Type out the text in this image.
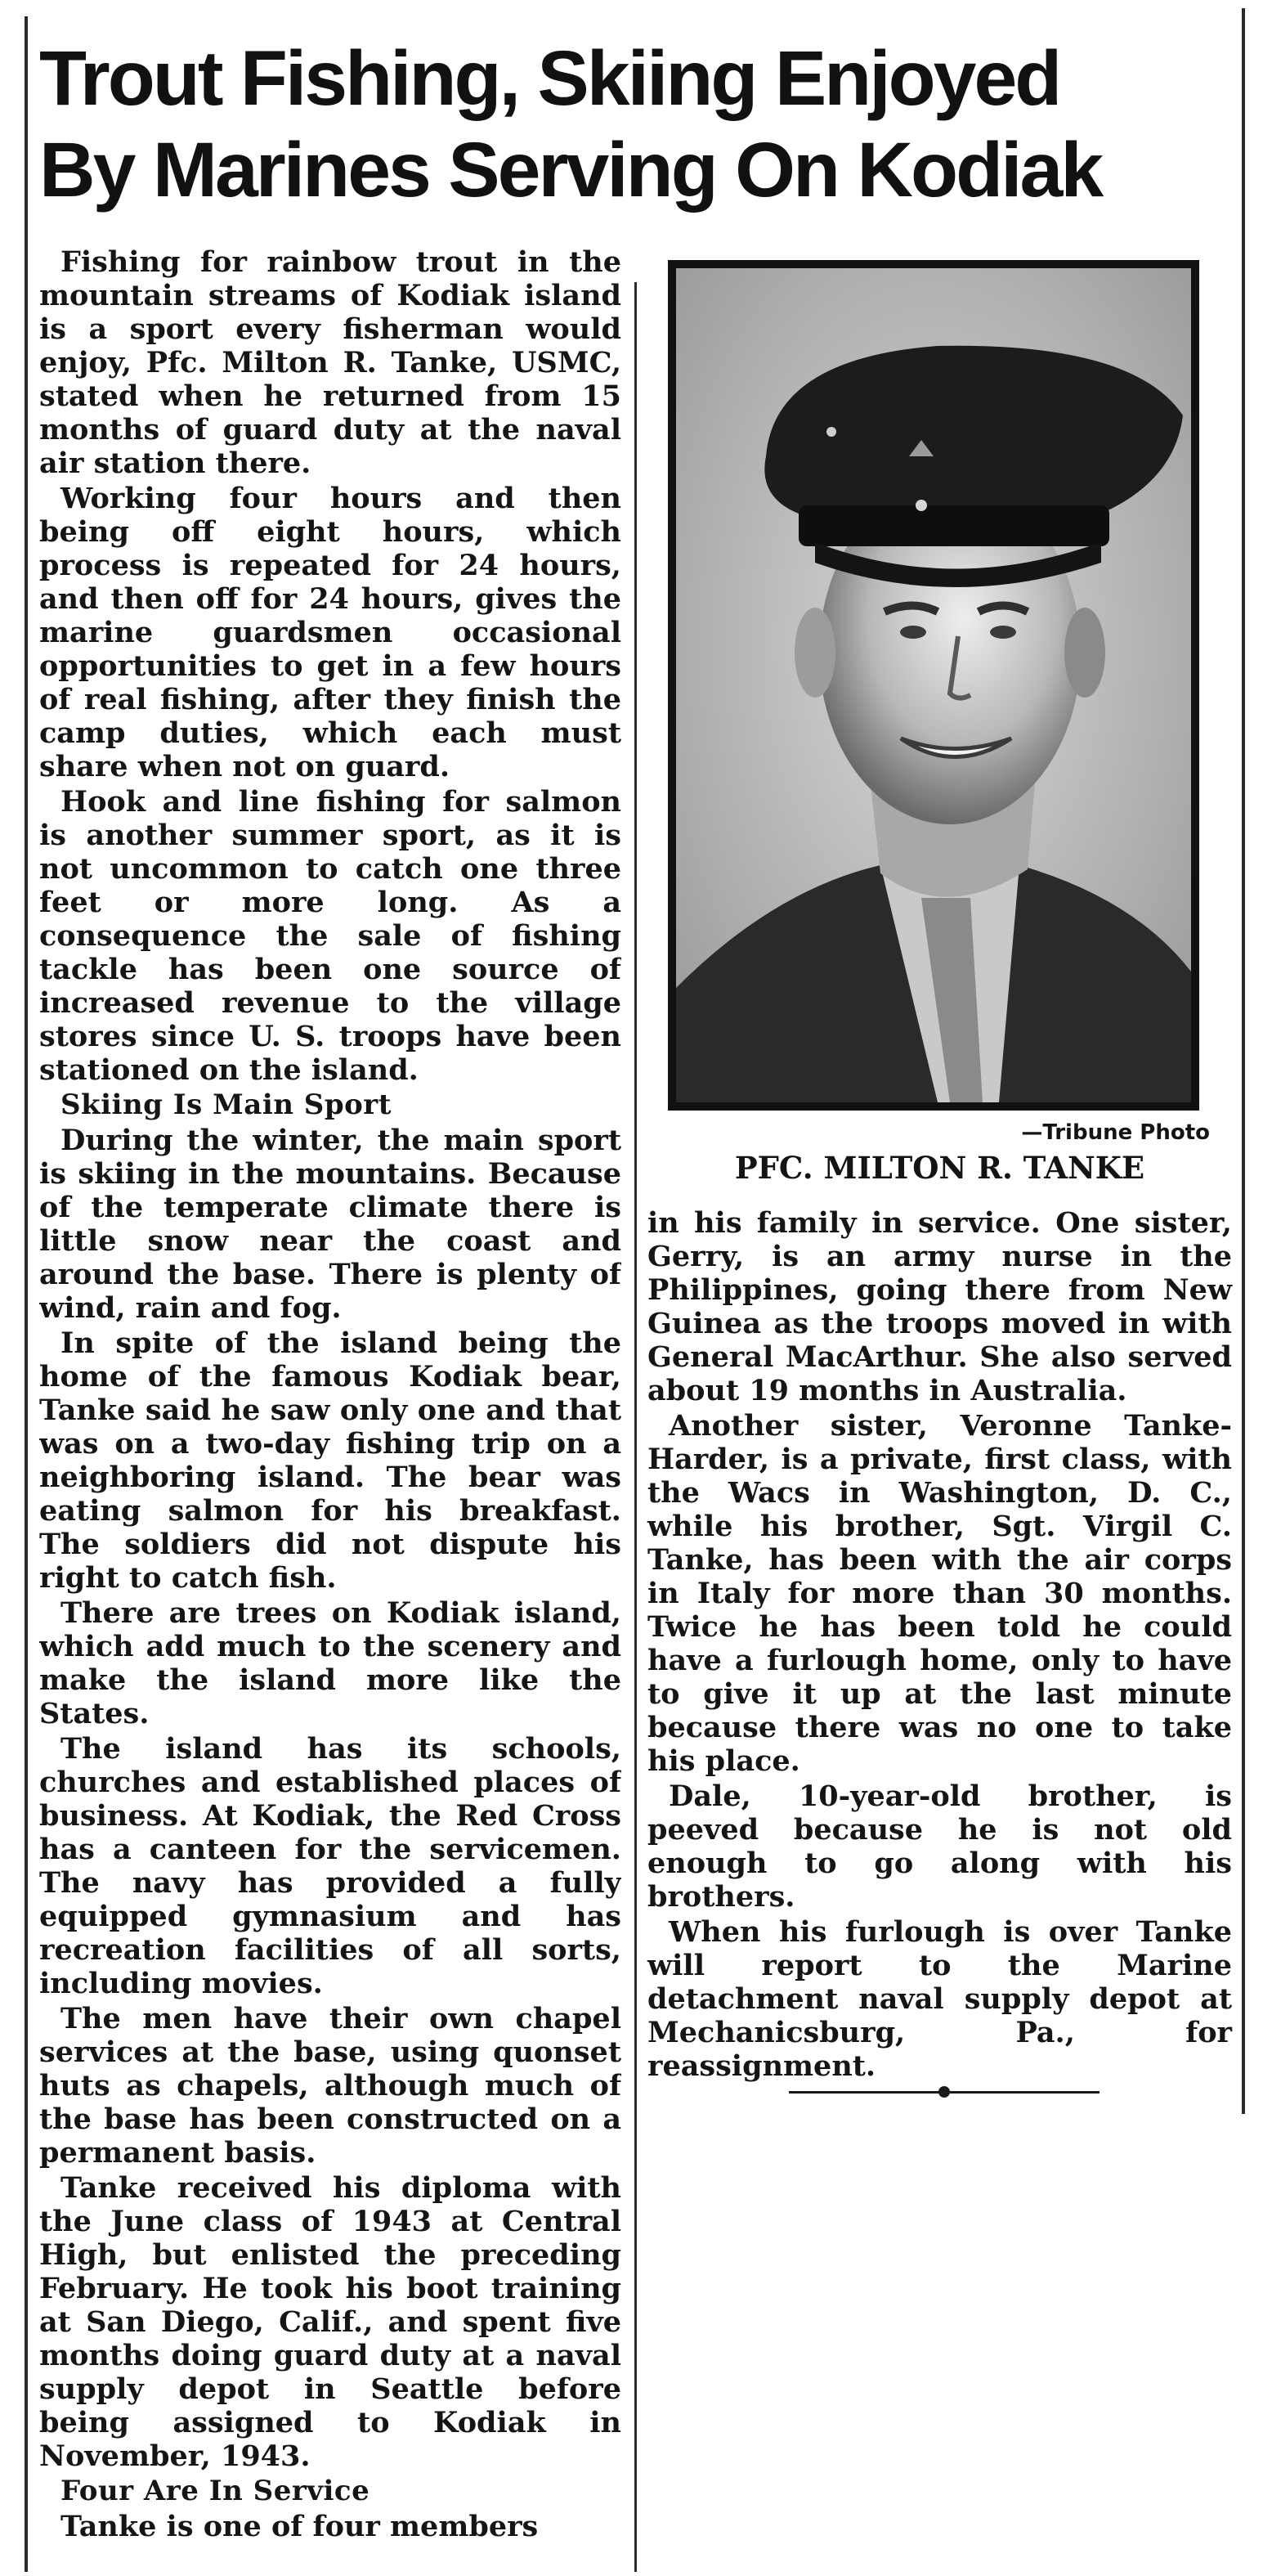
Trout Fishing, Skiing Enjoyed
By Marines Serving On Kodiak

Fishing for rainbow trout in the mountain streams of Kodiak island is a sport every fisherman would enjoy, Pfc. Milton R. Tanke, USMC, stated when he returned from 15 months of guard duty at the naval air station there.

Working four hours and then being off eight hours, which process is repeated for 24 hours, and then off for 24 hours, gives the marine guardsmen occasional opportunities to get in a few hours of real fishing, after they finish the camp duties, which each must share when not on guard.

Hook and line fishing for salmon is another summer sport, as it is not uncommon to catch one three feet or more long. As a consequence the sale of fishing tackle has been one source of increased revenue to the village stores since U. S. troops have been stationed on the island.

Skiing Is Main Sport

During the winter, the main sport is skiing in the mountains. Because of the temperate climate there is little snow near the coast and around the base. There is plenty of wind, rain and fog.

In spite of the island being the home of the famous Kodiak bear, Tanke said he saw only one and that was on a two-day fishing trip on a neighboring island. The bear was eating salmon for his breakfast. The soldiers did not dispute his right to catch fish.

There are trees on Kodiak island, which add much to the scenery and make the island more like the States.

The island has its schools, churches and established places of business. At Kodiak, the Red Cross has a canteen for the servicemen. The navy has provided a fully equipped gymnasium and has recreation facilities of all sorts, including movies.

The men have their own chapel services at the base, using quonset huts as chapels, although much of the base has been constructed on a permanent basis.

Tanke received his diploma with the June class of 1943 at Central High, but enlisted the preceding February. He took his boot training at San Diego, Calif., and spent five months doing guard duty at a naval supply depot in Seattle before being assigned to Kodiak in November, 1943.

Four Are In Service

Tanke is one of four members

—Tribune Photo
PFC. MILTON R. TANKE

in his family in service. One sister, Gerry, is an army nurse in the Philippines, going there from New Guinea as the troops moved in with General MacArthur. She also served about 19 months in Australia.

Another sister, Veronne Tanke-Harder, is a private, first class, with the Wacs in Washington, D. C., while his brother, Sgt. Virgil C. Tanke, has been with the air corps in Italy for more than 30 months. Twice he has been told he could have a furlough home, only to have to give it up at the last minute because there was no one to take his place.

Dale, 10-year-old brother, is peeved because he is not old enough to go along with his brothers.

When his furlough is over Tanke will report to the Marine detachment naval supply depot at Mechanicsburg, Pa., for reassignment.
